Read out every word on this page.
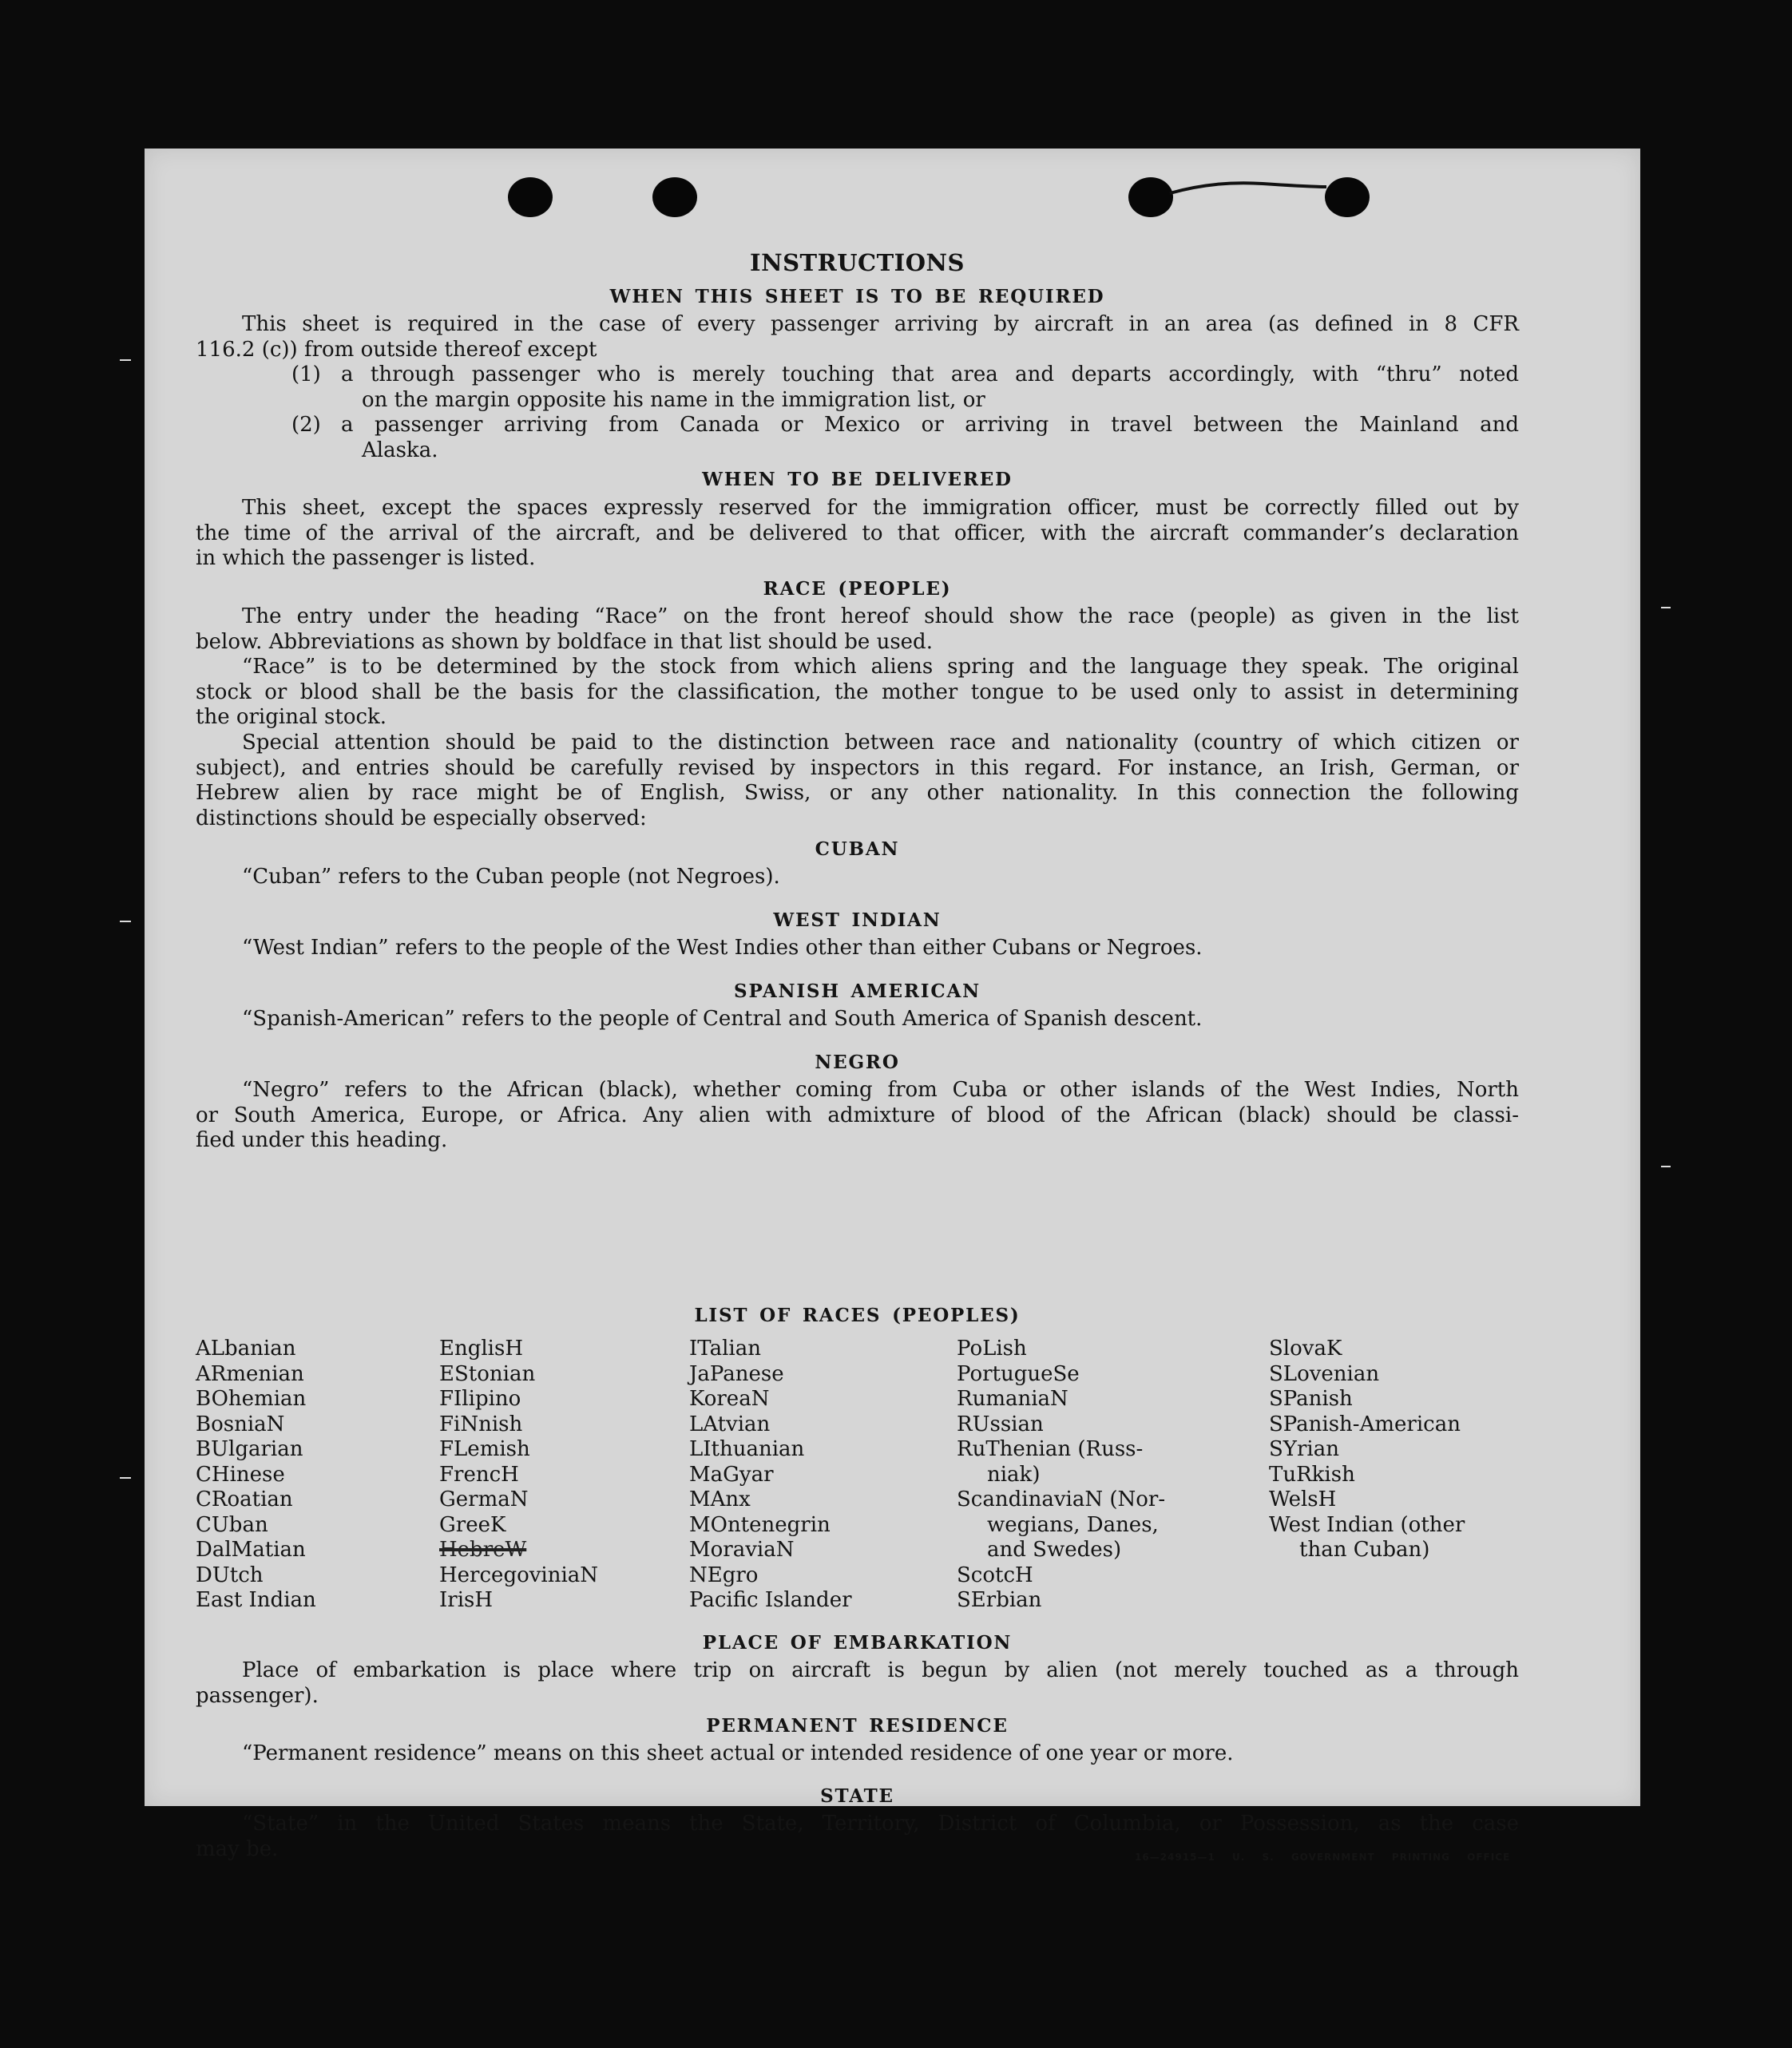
INSTRUCTIONS
WHEN THIS SHEET IS TO BE REQUIRED
This sheet is required in the case of every passenger arriving by aircraft in an area (as defined in 8 CFR
116.2 (c)) from outside thereof except
(1) a through passenger who is merely touching that area and departs accordingly, with “thru” noted
on the margin opposite his name in the immigration list, or
(2) a passenger arriving from Canada or Mexico or arriving in travel between the Mainland and
Alaska.
WHEN TO BE DELIVERED
This sheet, except the spaces expressly reserved for the immigration officer, must be correctly filled out by
the time of the arrival of the aircraft, and be delivered to that officer, with the aircraft commander’s declaration
in which the passenger is listed.
RACE (PEOPLE)
The entry under the heading “Race” on the front hereof should show the race (people) as given in the list
below. Abbreviations as shown by boldface in that list should be used.
“Race” is to be determined by the stock from which aliens spring and the language they speak. The original
stock or blood shall be the basis for the classification, the mother tongue to be used only to assist in determining
the original stock.
Special attention should be paid to the distinction between race and nationality (country of which citizen or
subject), and entries should be carefully revised by inspectors in this regard. For instance, an Irish, German, or
Hebrew alien by race might be of English, Swiss, or any other nationality. In this connection the following
distinctions should be especially observed:
CUBAN
“Cuban” refers to the Cuban people (not Negroes).
WEST INDIAN
“West Indian” refers to the people of the West Indies other than either Cubans or Negroes.
SPANISH AMERICAN
“Spanish-American” refers to the people of Central and South America of Spanish descent.
NEGRO
“Negro” refers to the African (black), whether coming from Cuba or other islands of the West Indies, North
or South America, Europe, or Africa. Any alien with admixture of blood of the African (black) should be classi-
fied under this heading.
LIST OF RACES (PEOPLES)
ALbanian
ARmenian
BOhemian
BosniaN
BUlgarian
CHinese
CRoatian
CUban
DalMatian
DUtch
East Indian
EnglisH
EStonian
FIlipino
FiNnish
FLemish
FrencH
GermaN
GreeK
HebreW
HercegoviniaN
IrisH
ITalian
JaPanese
KoreaN
LAtvian
LIthuanian
MaGyar
MAnx
MOntenegrin
MoraviaN
NEgro
Pacific Islander
PoLish
PortugueSe
RumaniaN
RUssian
RuThenian (Russ-
niak)
ScandinaviaN (Nor-
wegians, Danes,
and Swedes)
ScotcH
SErbian
SlovaK
SLovenian
SPanish
SPanish-American
SYrian
TuRkish
WelsH
West Indian (other
than Cuban)
PLACE OF EMBARKATION
Place of embarkation is place where trip on aircraft is begun by alien (not merely touched as a through
passenger).
PERMANENT RESIDENCE
“Permanent residence” means on this sheet actual or intended residence of one year or more.
STATE
“State” in the United States means the State, Territory, District of Columbia, or Possession, as the case
may be.	16—24915—1 U. S. GOVERNMENT PRINTING OFFICE
